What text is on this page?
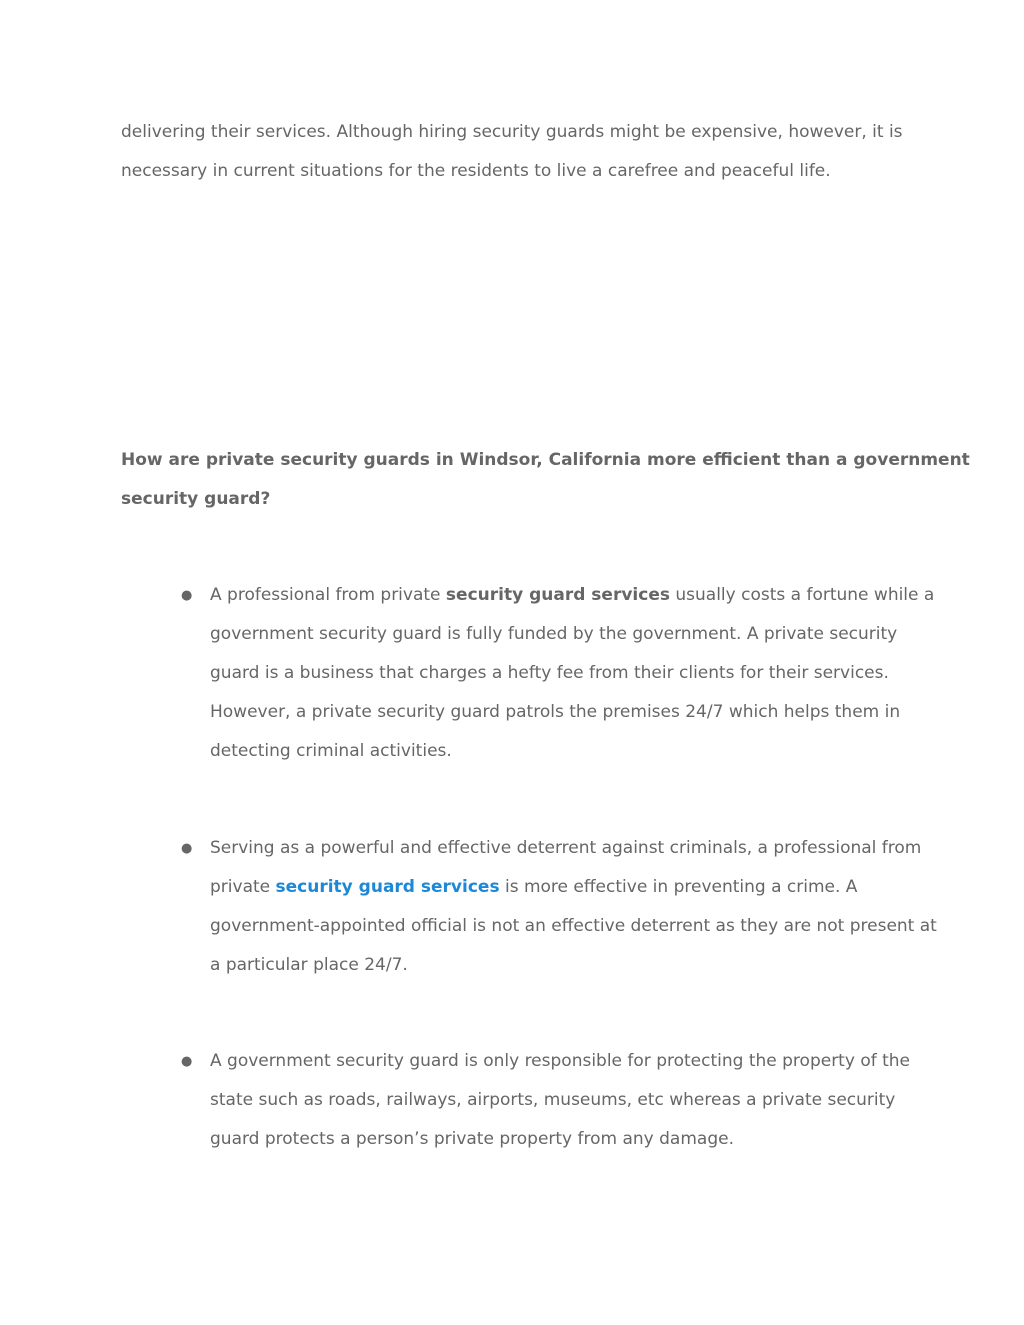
delivering their services. Although hiring security guards might be expensive, however, it is
necessary in current situations for the residents to live a carefree and peaceful life.

How are private security guards in Windsor, California more efficient than a government
security guard?
●	A professional from private security guard services usually costs a fortune while a
government security guard is fully funded by the government. A private security
guard is a business that charges a hefty fee from their clients for their services.
However, a private security guard patrols the premises 24/7 which helps them in
detecting criminal activities.
●	Serving as a powerful and effective deterrent against criminals, a professional from
private security guard services is more effective in preventing a crime. A
government-appointed official is not an effective deterrent as they are not present at
a particular place 24/7.
●	A government security guard is only responsible for protecting the property of the
state such as roads, railways, airports, museums, etc whereas a private security
guard protects a person’s private property from any damage.
